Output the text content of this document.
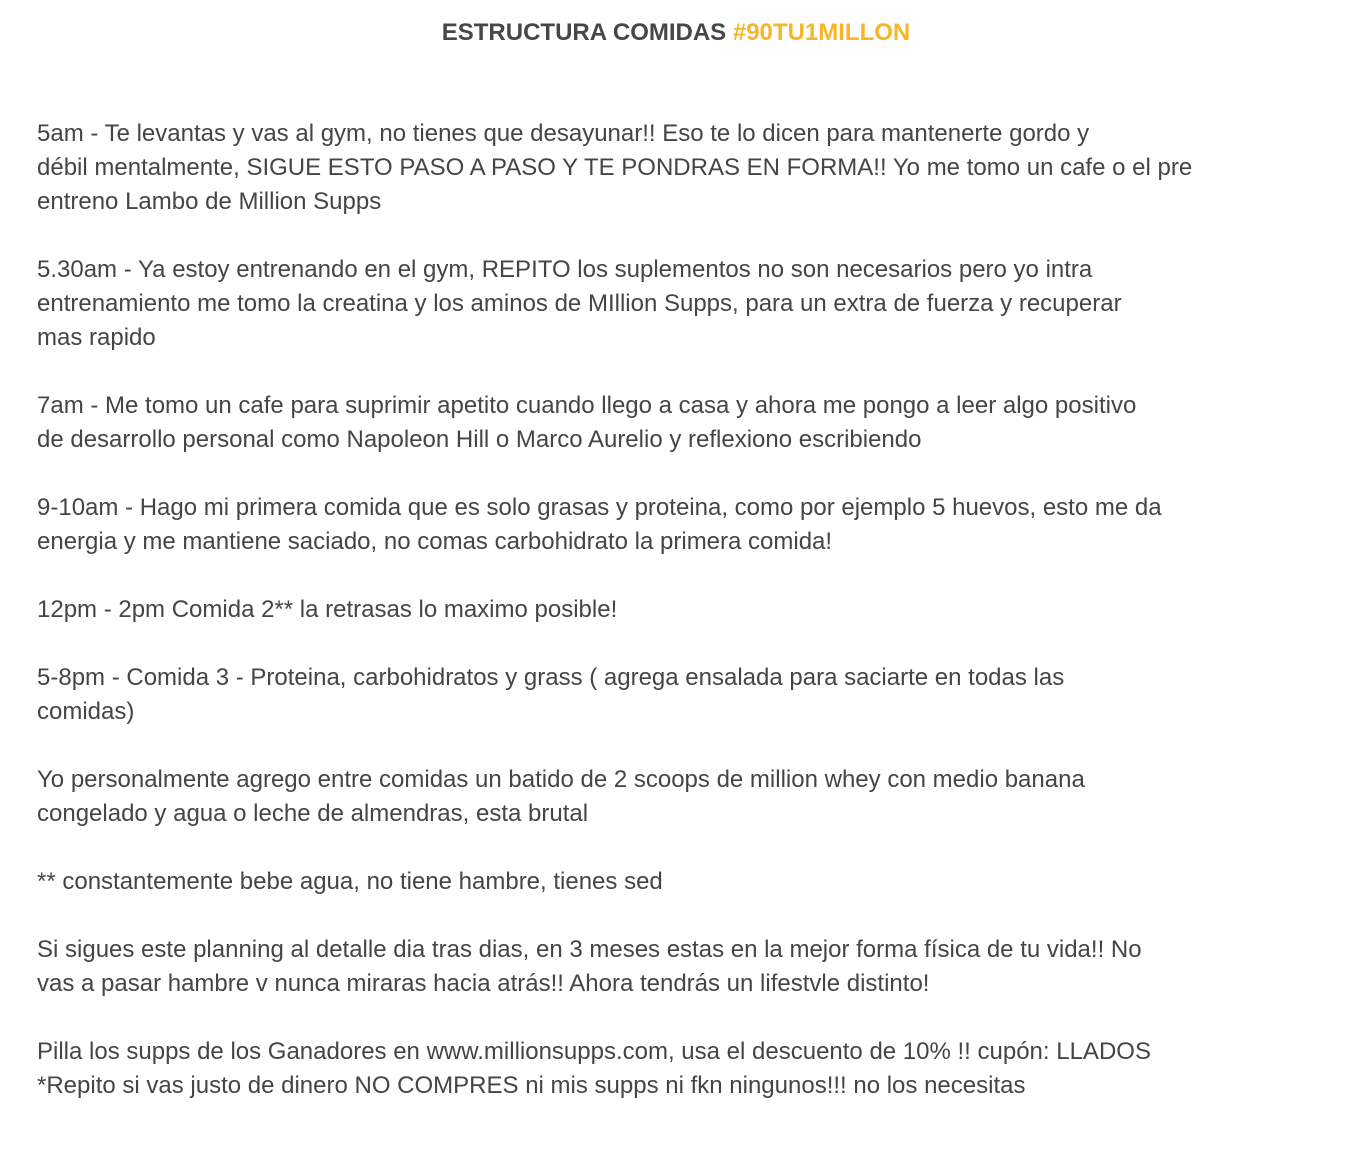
ESTRUCTURA COMIDAS #90TU1MILLON
5am - Te levantas y vas al gym, no tienes que desayunar!! Eso te lo dicen para mantenerte gordo y
débil mentalmente, SIGUE ESTO PASO A PASO Y TE PONDRAS EN FORMA!! Yo me tomo un cafe o el pre
entreno Lambo de Million Supps
5.30am - Ya estoy entrenando en el gym, REPITO los suplementos no son necesarios pero yo intra
entrenamiento me tomo la creatina y los aminos de MIllion Supps, para un extra de fuerza y recuperar
mas rapido
7am - Me tomo un cafe para suprimir apetito cuando llego a casa y ahora me pongo a leer algo positivo
de desarrollo personal como Napoleon Hill o Marco Aurelio y reflexiono escribiendo
9-10am - Hago mi primera comida que es solo grasas y proteina, como por ejemplo 5 huevos, esto me da
energia y me mantiene saciado, no comas carbohidrato la primera comida!
12pm - 2pm Comida 2** la retrasas lo maximo posible!
5-8pm - Comida 3 - Proteina, carbohidratos y grass ( agrega ensalada para saciarte en todas las
comidas)
Yo personalmente agrego entre comidas un batido de 2 scoops de million whey con medio banana
congelado y agua o leche de almendras, esta brutal
** constantemente bebe agua, no tiene hambre, tienes sed
Si sigues este planning al detalle dia tras dias, en 3 meses estas en la mejor forma física de tu vida!! No
vas a pasar hambre v nunca miraras hacia atrás!! Ahora tendrás un lifestvle distinto!
Pilla los supps de los Ganadores en www.millionsupps.com, usa el descuento de 10% !! cupón: LLADOS
*Repito si vas justo de dinero NO COMPRES ni mis supps ni fkn ningunos!!! no los necesitas
